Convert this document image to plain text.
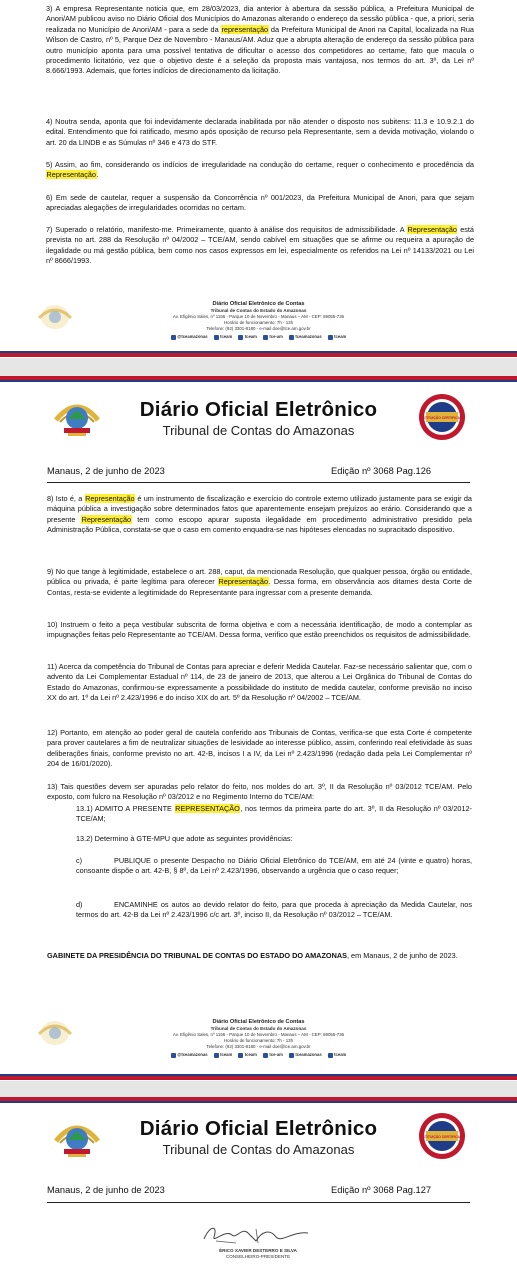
3) A empresa Representante noticia que, em 28/03/2023, dia anterior à abertura da sessão pública, a Prefeitura Municipal de Anori/AM publicou aviso no Diário Oficial dos Municípios do Amazonas alterando o endereço da sessão pública - que, a priori, seria realizada no Município de Anori/AM - para a sede da representação da Prefeitura Municipal de Anori na Capital, localizada na Rua Wilson de Castro, nº 5, Parque Dez de Novembro - Manaus/AM. Aduz que a abrupta alteração de endereço da sessão pública para outro município aponta para uma possível tentativa de dificultar o acesso dos competidores ao certame, fato que macula o procedimento licitatório, vez que o objetivo deste é a seleção da proposta mais vantajosa, nos termos do art. 3º, da Lei nº 8.666/1993. Ademais, que fortes indícios de direcionamento da licitação.

4) Noutra senda, aponta que foi indevidamente declarada inabilitada por não atender o disposto nos subitens: 11.3 e 10.9.2.1 do edital. Entendimento que foi ratificado, mesmo após oposição de recurso pela Representante, sem a devida motivação, violando o art. 20 da LINDB e as Súmulas nº 346 e 473 do STF.

5) Assim, ao fim, considerando os indícios de irregularidade na condução do certame, requer o conhecimento e procedência da Representação.

6) Em sede de cautelar, requer a suspensão da Concorrência nº 001/2023, da Prefeitura Municipal de Anori, para que sejam apreciadas alegações de irregularidades ocorridas no certam.

7) Superado o relatório, manifesto-me. Primeiramente, quanto à análise dos requisitos de admissibilidade. A Representação está prevista no art. 288 da Resolução nº 04/2002 – TCE/AM, sendo cabível em situações que se afirme ou requeira a apuração de ilegalidade ou má gestão pública, bem como nos casos expressos em lei, especialmente os referidos na Lei nº 14133/2021 ou Lei nº 8666/1993.

Diário Oficial Eletrônico de Contas
Tribunal de Contas do Estado do Amazonas
Av. Efigênio Sales, nº 1155 - Parque 10 de Novembro - Manaus – AM - CEP: 69055-736
Horário de funcionamento: 7h - 13h
Telefone: (92) 3301-8180 - e-mail doe@tce.am.gov.br
@tceamazonas	tceam	tceam	tce-am	tceamazonas	tceam
Diário Oficial Eletrônico
Tribunal de Contas do Amazonas
INSTITUIÇÃO CERTIFICADA
Manaus, 2 de junho de 2023	Edição nº 3068 Pag.126

8) Isto é, a Representação é um instrumento de fiscalização e exercício do controle externo utilizado justamente para se exigir da máquina pública a investigação sobre determinados fatos que aparentemente ensejam prejuízos ao erário. Considerando que a presente Representação tem como escopo apurar suposta ilegalidade em procedimento administrativo presidido pela Administração Pública, constata-se que o caso em comento enquadra-se nas hipóteses elencadas no supracitado dispositivo.

9) No que tange à legitimidade, estabelece o art. 288, caput, da mencionada Resolução, que qualquer pessoa, órgão ou entidade, pública ou privada, é parte legítima para oferecer Representação. Dessa forma, em observância aos ditames desta Corte de Contas, resta-se evidente a legitimidade do Representante para ingressar com a presente demanda.

10) Instruem o feito a peça vestibular subscrita de forma objetiva e com a necessária identificação, de modo a contemplar as impugnações feitas pelo Representante ao TCE/AM. Dessa forma, verifico que estão preenchidos os requisitos de admissibilidade.

11) Acerca da competência do Tribunal de Contas para apreciar e deferir Medida Cautelar. Faz-se necessário salientar que, com o advento da Lei Complementar Estadual nº 114, de 23 de janeiro de 2013, que alterou a Lei Orgânica do Tribunal de Contas do Estado do Amazonas, confirmou-se expressamente a possibilidade do instituto de medida cautelar, conforme previsão no inciso XX do art. 1º da Lei nº 2.423/1996 e do inciso XIX do art. 5º da Resolução nº 04/2002 – TCE/AM.

12) Portanto, em atenção ao poder geral de cautela conferido aos Tribunais de Contas, verifica-se que esta Corte é competente para prover cautelares a fim de neutralizar situações de lesividade ao interesse público, assim, conferindo real efetividade às suas deliberações finais, conforme previsto no art. 42-B, incisos I a IV, da Lei nº 2.423/1996 (redação dada pela Lei Complementar nº 204 de 16/01/2020).

13) Tais questões devem ser apuradas pelo relator do feito, nos moldes do art. 3º, II da Resolução nº 03/2012 TCE/AM. Pelo exposto, com fulcro na Resolução nº 03/2012 e no Regimento Interno do TCE/AM:

13.1) ADMITO A PRESENTE REPRESENTAÇÃO, nos termos da primeira parte do art. 3º, II da Resolução nº 03/2012-TCE/AM;

13.2) Determino à GTE-MPU que adote as seguintes providências:

c)	PUBLIQUE o presente Despacho no Diário Oficial Eletrônico do TCE/AM, em até 24 (vinte e quatro) horas, consoante dispõe o art. 42-B, § 8º, da Lei nº 2.423/1996, observando a urgência que o caso requer;

d)	ENCAMINHE os autos ao devido relator do feito, para que proceda à apreciação da Medida Cautelar, nos termos do art. 42-B da Lei nº 2.423/1996 c/c art. 3º, inciso II, da Resolução nº 03/2012 – TCE/AM.

GABINETE DA PRESIDÊNCIA DO TRIBUNAL DE CONTAS DO ESTADO DO AMAZONAS, em Manaus, 2 de junho de 2023.

Diário Oficial Eletrônico de Contas
Tribunal de Contas do Estado do Amazonas
Av. Efigênio Sales, nº 1155 - Parque 10 de Novembro - Manaus – AM - CEP: 69055-736
Horário de funcionamento: 7h - 13h
Telefone: (92) 3301-8180 - e-mail doe@tce.am.gov.br
@tceamazonas	tceam	tceam	tce-am	tceamazonas	tceam
Diário Oficial Eletrônico
Tribunal de Contas do Amazonas
INSTITUIÇÃO CERTIFICADA
Manaus, 2 de junho de 2023	Edição nº 3068 Pag.127
ÉRICO XAVIER DESTERRO E SILVA
CONSELHEIRO-PRESIDENTE
